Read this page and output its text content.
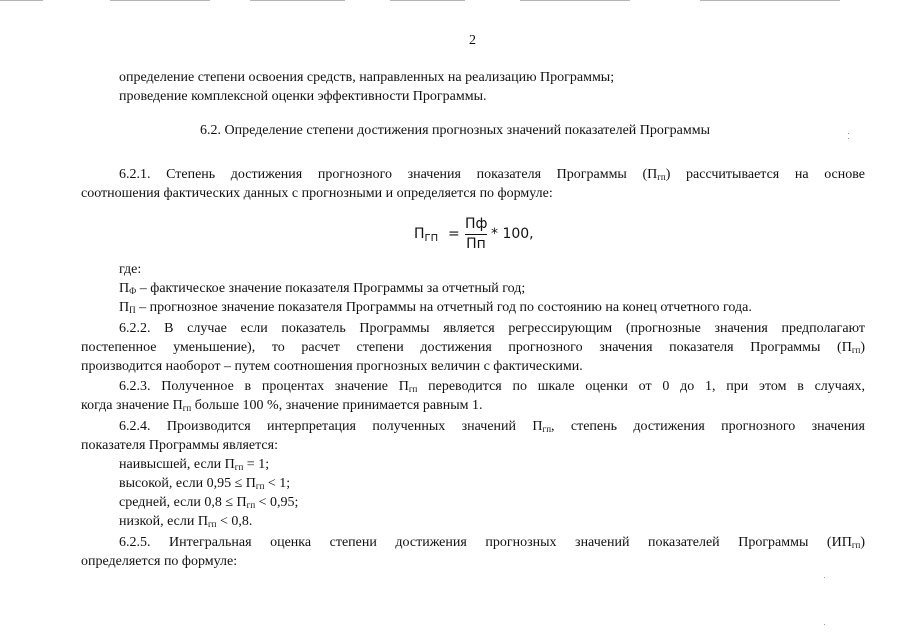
2
определение степени освоения средств, направленных на реализацию Программы;
проведение комплексной оценки эффективности Программы.
6.2. Определение степени достижения прогнозных значений показателей Программы
6.2.1. Степень достижения прогнозного значения показателя Программы $(П_{гп})$ рассчитывается на основе
соотношения фактических данных с прогнозными и определяется по формуле:
$П_{ГП}$ =
Пф
Пп
* 100,
где:
$П_Ф$ – фактическое значение показателя Программы за отчетный год;
$П_П$ – прогнозное значение показателя Программы на отчетный год по состоянию на конец отчетного года.
6.2.2. В случае если показатель Программы является регрессирующим (прогнозные значения предполагают
постепенное уменьшение), то расчет степени достижения прогнозного значения показателя Программы $(П_{гп})$
производится наоборот – путем соотношения прогнозных величин с фактическими.
6.2.3. Полученное в процентах значение $П_{гп}$ переводится по шкале оценки от 0 до 1, при этом в случаях,
когда значение $П_{гп}$ больше 100 %, значение принимается равным 1.
6.2.4. Производится интерпретация полученных значений $П_{гп}$, степень достижения прогнозного значения
показателя Программы является:
наивысшей, если $П_{гп} = 1$;
высокой, если $0,95 \le П_{гп} < 1$;
средней, если $0,8 \le П_{гп} < 0,95$;
низкой, если $П_{гп} < 0,8$.
6.2.5. Интегральная оценка степени достижения прогнозных значений показателей Программы $(ИП_{гп})$
определяется по формуле:
